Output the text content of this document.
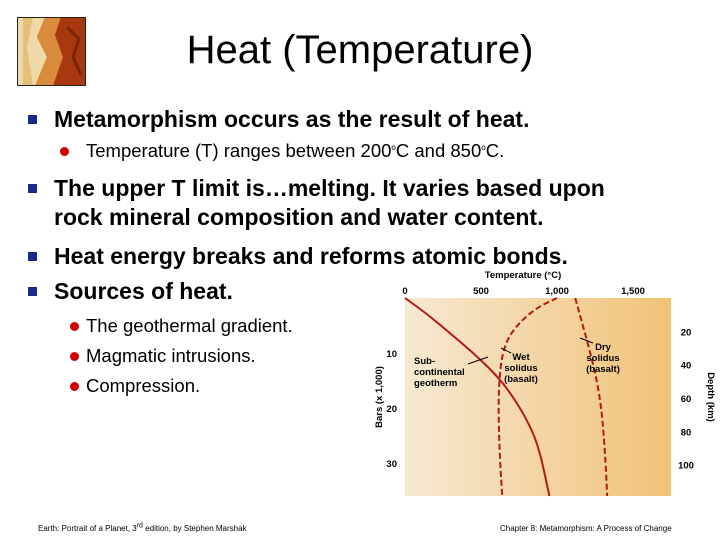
Heat (Temperature)
Metamorphism occurs as the result of heat.
Temperature (T) ranges between 200$^o$C and 850$^o$C.
The upper T limit is…melting. It varies based upon
rock mineral composition and water content.
Heat energy breaks and reforms atomic bonds.
Sources of heat.
The geothermal gradient.
Magmatic intrusions.
Compression.
Temperature (°C)
0	500	1,000	1,500
10
20
30
Bars (x 1,000)
20
40
60
80
100
Depth (km)
Sub-
continental
geotherm
Wet
solidus
(basalt)
Dry
solidus
(basalt)
Earth: Portrait of a Planet, 3rd edition, by Stephen Marshak	Chapter 8: Metamorphism: A Process of Change
